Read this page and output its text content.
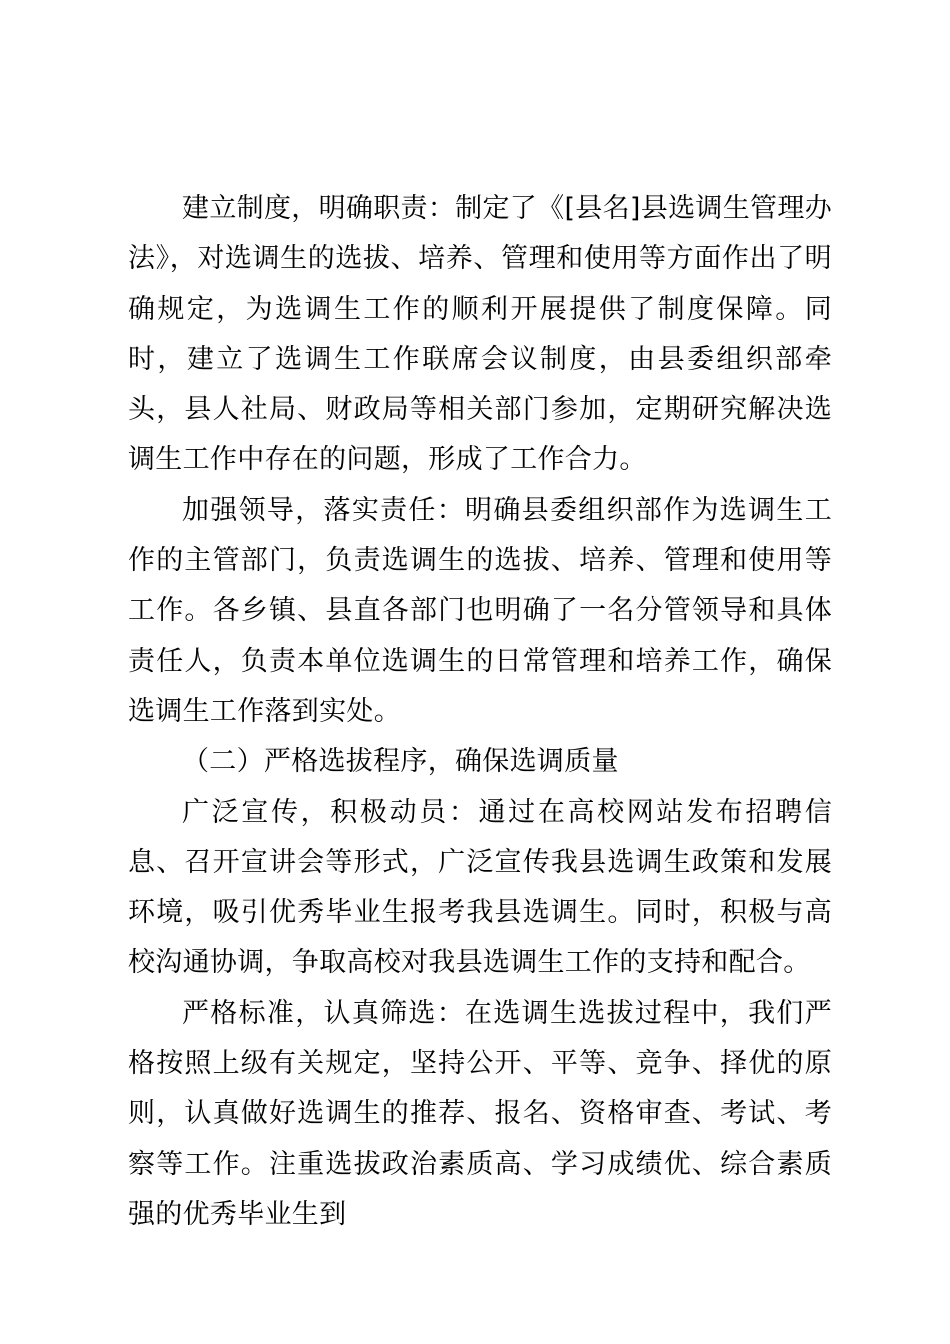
建立制度，明确职责：制定了《[县名]县选调生管理办法》，对选调生的选拔、培养、管理和使用等方面作出了明确规定，为选调生工作的顺利开展提供了制度保障。同时，建立了选调生工作联席会议制度，由县委组织部牵头，县人社局、财政局等相关部门参加，定期研究解决选调生工作中存在的问题，形成了工作合力。

加强领导，落实责任：明确县委组织部作为选调生工作的主管部门，负责选调生的选拔、培养、管理和使用等工作。各乡镇、县直各部门也明确了一名分管领导和具体责任人，负责本单位选调生的日常管理和培养工作，确保选调生工作落到实处。

（二）严格选拔程序，确保选调质量

广泛宣传，积极动员：通过在高校网站发布招聘信息、召开宣讲会等形式，广泛宣传我县选调生政策和发展环境，吸引优秀毕业生报考我县选调生。同时，积极与高校沟通协调，争取高校对我县选调生工作的支持和配合。

严格标准，认真筛选：在选调生选拔过程中，我们严格按照上级有关规定，坚持公开、平等、竞争、择优的原则，认真做好选调生的推荐、报名、资格审查、考试、考察等工作。注重选拔政治素质高、学习成绩优、综合素质强的优秀毕业生到
